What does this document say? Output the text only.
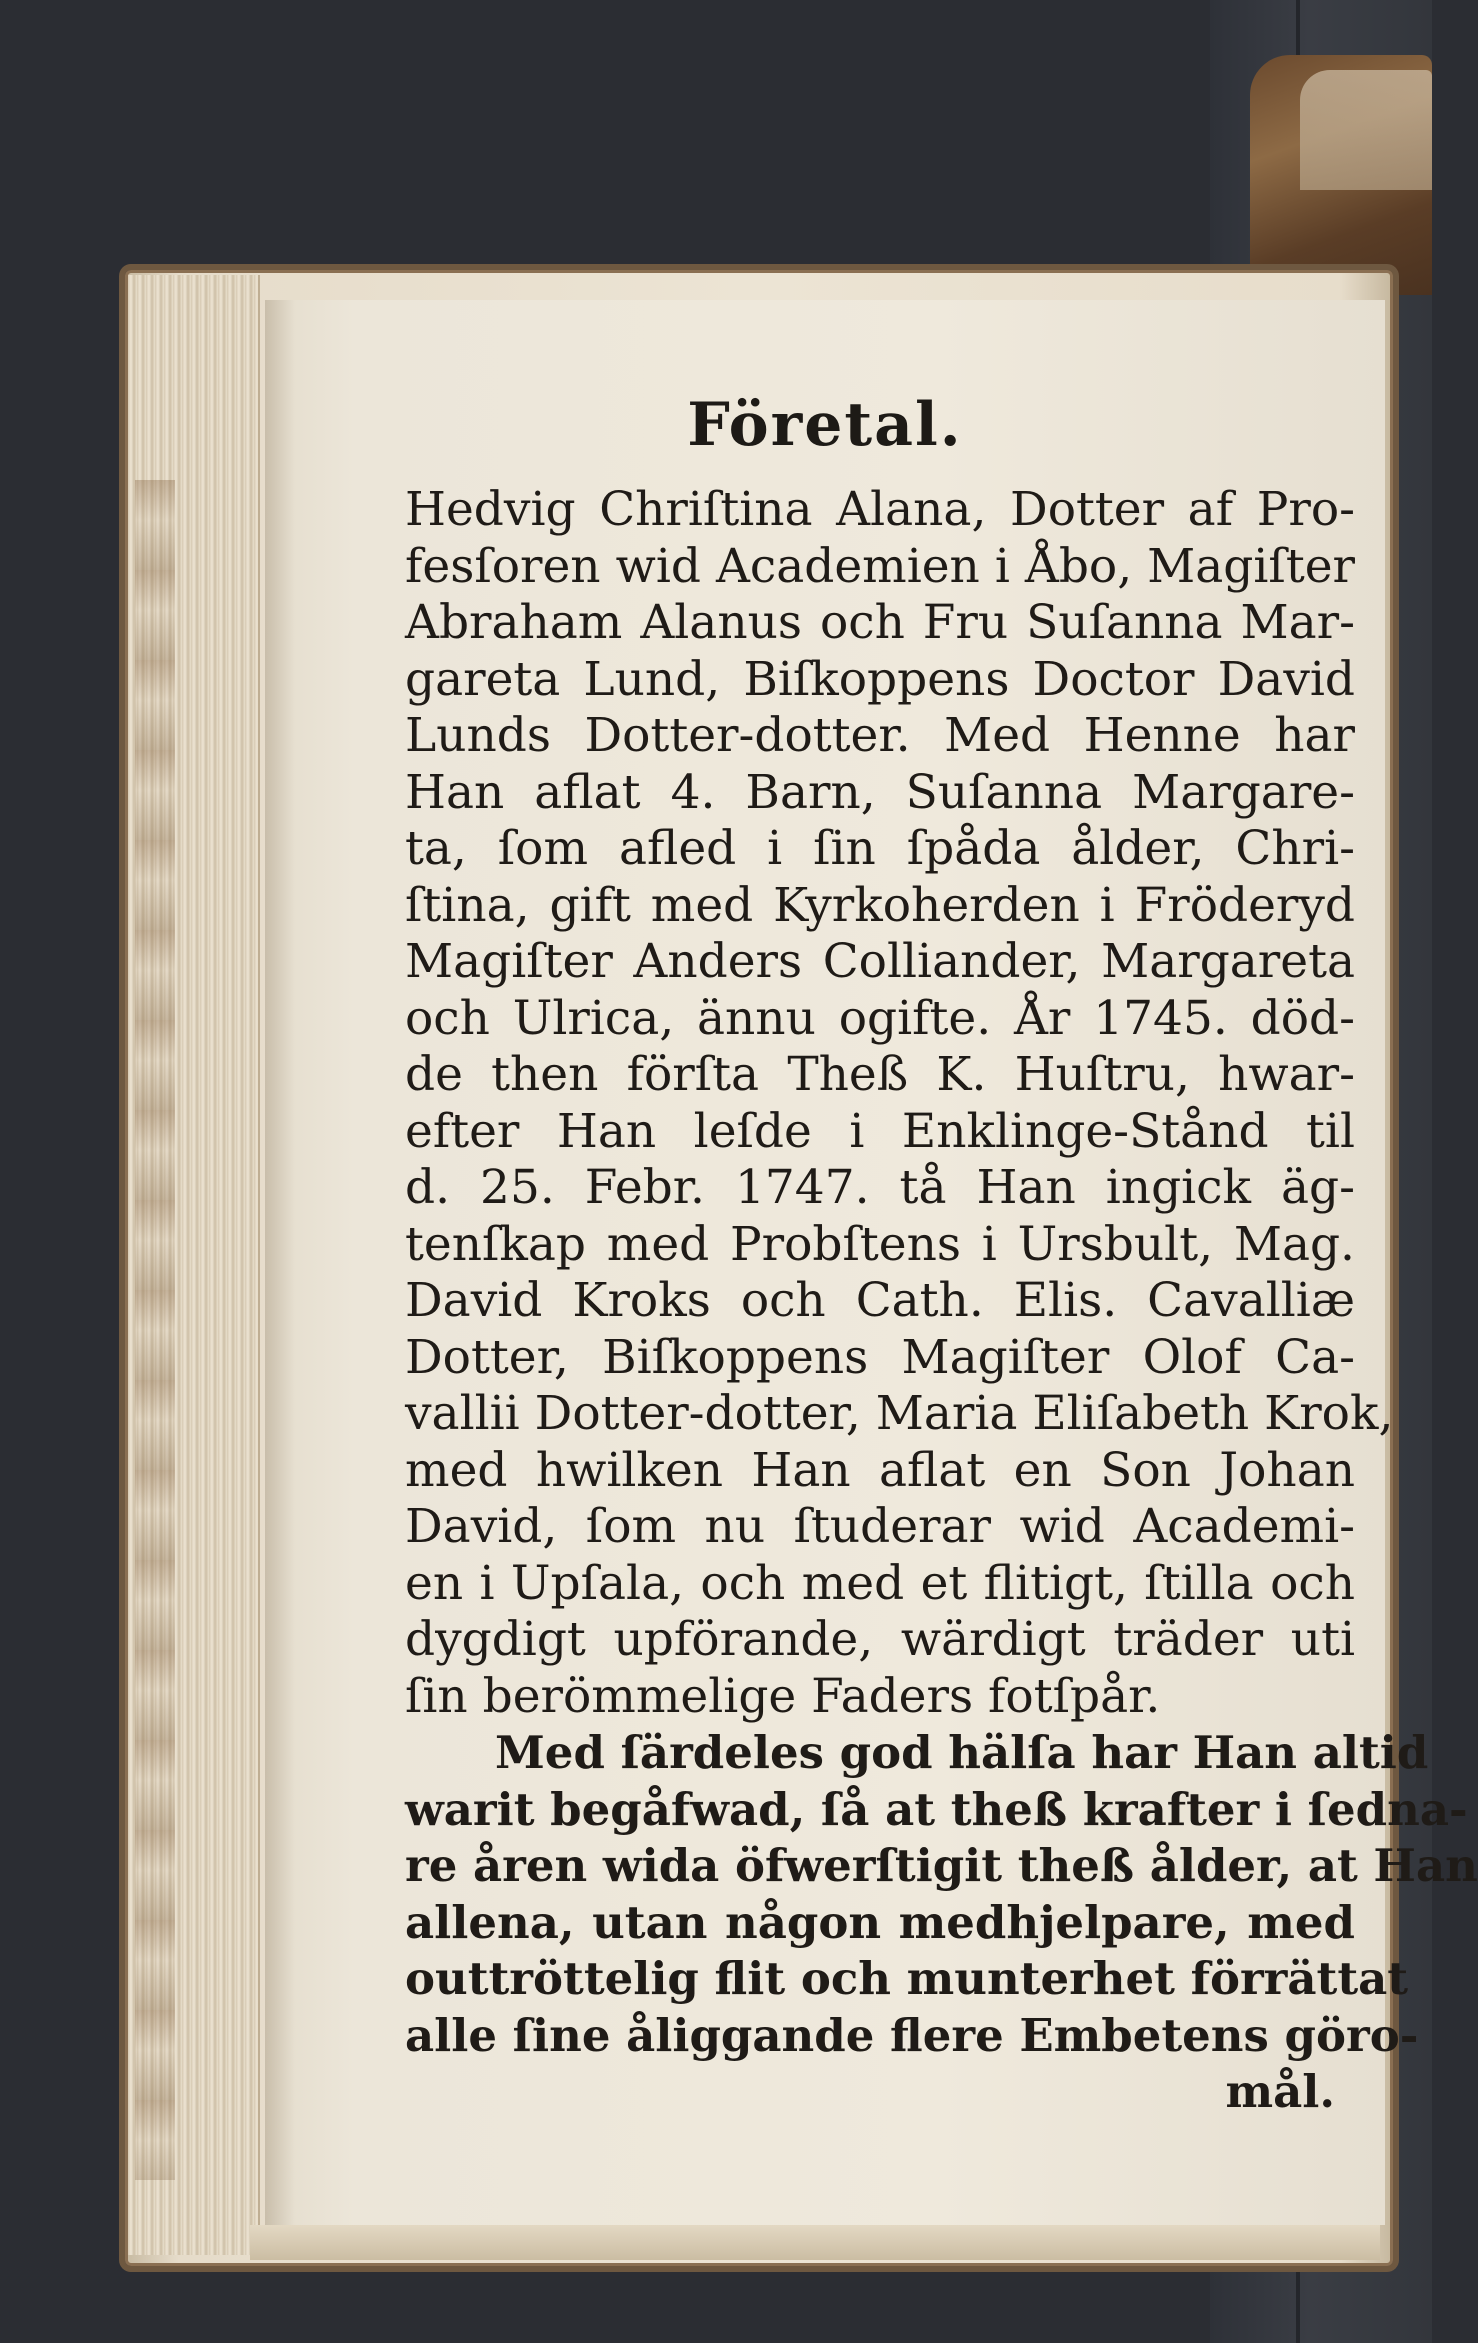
Företal.
Hedvig Chriſtina Alana, Dotter af Pro-
fesſoren wid Academien i Åbo, Magiſter
Abraham Alanus och Fru Suſanna Mar-
gareta Lund, Biſkoppens Doctor David
Lunds Dotter-dotter. Med Henne har
Han aflat 4. Barn, Suſanna Margare-
ta, ſom afled i ſin ſpåda ålder, Chri-
ſtina, gift med Kyrkoherden i Fröderyd
Magiſter Anders Colliander, Margareta
och Ulrica, ännu ogifte. År 1745. död-
de then förſta Theß K. Huſtru, hwar-
efter Han leſde i Enklinge-Stånd til
d. 25. Febr. 1747. tå Han ingick äg-
tenſkap med Probſtens i Ursbult, Mag.
David Kroks och Cath. Elis. Cavalliæ
Dotter, Biſkoppens Magiſter Olof Ca-
vallii Dotter-dotter, Maria Eliſabeth Krok,
med hwilken Han aflat en Son Johan
David, ſom nu ſtuderar wid Academi-
en i Upſala, och med et flitigt, ſtilla och
dygdigt upförande, wärdigt träder uti
ſin berömmelige Faders fotſpår.
Med ſärdeles god hälſa har Han altid
warit begåfwad, ſå at theß krafter i ſedna-
re åren wida öfwerſtigit theß ålder, at Han
allena, utan någon medhjelpare, med
outtröttelig flit och munterhet förrättat
alle ſine åliggande flere Embetens göro-
mål.
